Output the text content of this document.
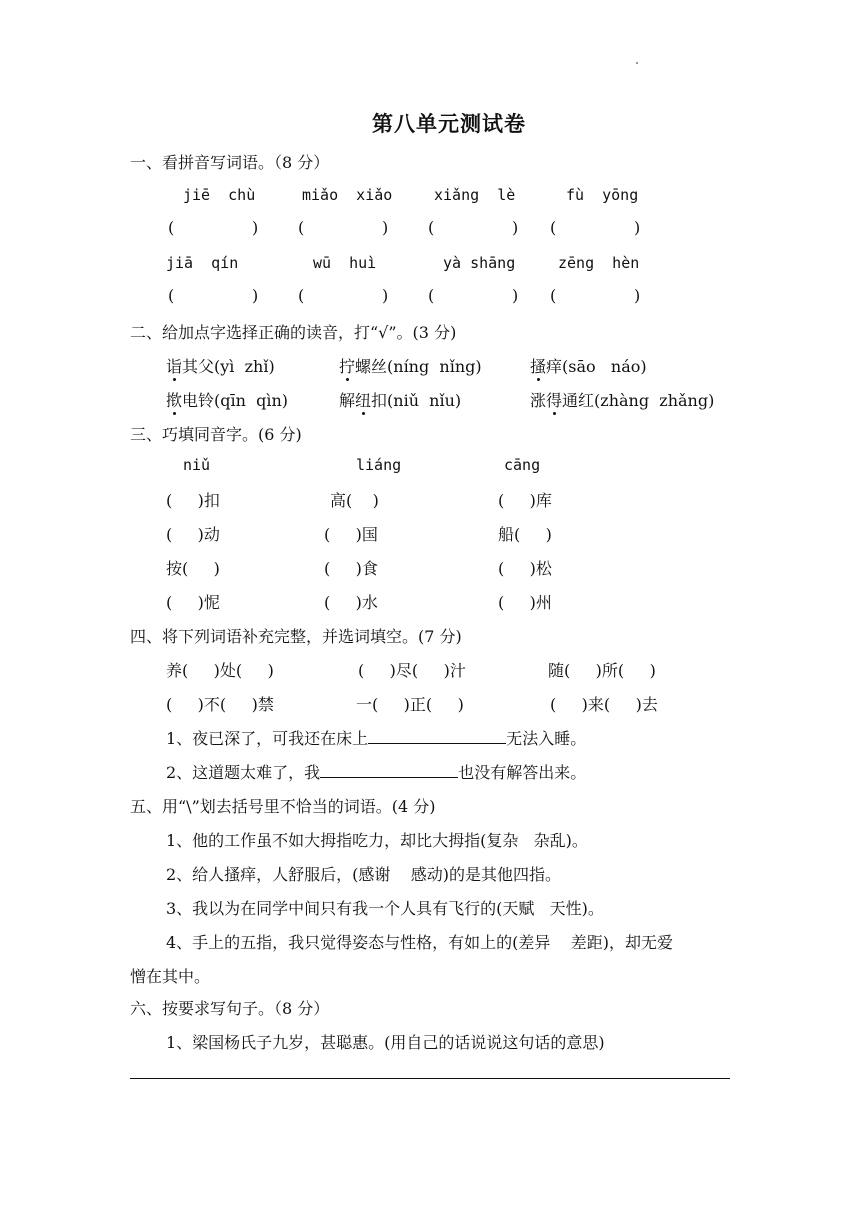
第八单元测试卷
一、看拼音写词语。（8 分）
jiē  chù	miǎo  xiǎo	xiǎng  lè	fù  yōng
(	) (	) (	) (	)
jiā  qín	wū  huì	yà shāng	zēng  hèn
(	) (	) (	) (	)
二、给加点字选择正确的读音，打“√”。(3 分)
诣其父(yì  zhǐ)	拧螺丝(níng  nǐng)	搔痒(sāo   náo)
揿电铃(qīn  qìn)	解纽扣(niǔ  nǐu)	涨得通红(zhàng  zhǎng)
三、巧填同音字。(6 分)
niǔ	liáng	cāng
(     )扣	高(    )	(     )库
(     )动	(     )国	船(     )
按(     )	(     )食	(     )松
(     )怩	(     )水	(     )州
四、将下列词语补充完整，并选词填空。(7 分)
养(     )处(     )	(     )尽(     )汁	随(     )所(     )
(     )不(     )禁	一(     )正(     )	(     )来(     )去
1、夜已深了，可我还在床上	无法入睡。
2、这道题太难了，我	也没有解答出来。
五、用“\”划去括号里不恰当的词语。(4 分)
1、他的工作虽不如大拇指吃力，却比大拇指(复杂   杂乱)。
2、给人搔痒，人舒服后，(感谢    感动)的是其他四指。
3、我以为在同学中间只有我一个人具有飞行的(天赋   天性)。
4、手上的五指，我只觉得姿态与性格，有如上的(差异    差距)，却无爱
憎在其中。
六、按要求写句子。（8 分）
1、梁国杨氏子九岁，甚聪惠。(用自己的话说说这句话的意思)
